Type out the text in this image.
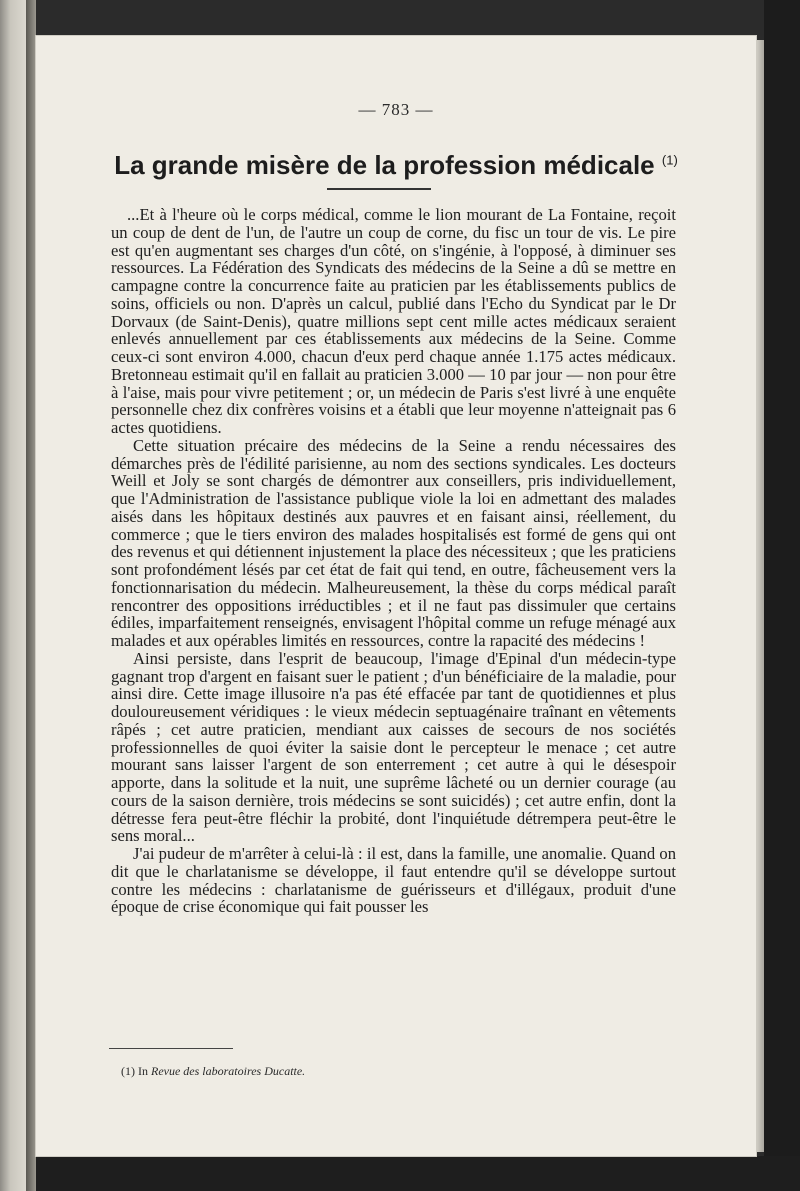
— 783 —
La grande misère de la profession médicale $^{(1)}$

...Et à l'heure où le corps médical, comme le lion mourant de La Fontaine, reçoit un coup de dent de l'un, de l'autre un coup de corne, du fisc un tour de vis. Le pire est qu'en augmentant ses charges d'un côté, on s'ingénie, à l'opposé, à diminuer ses ressources. La Fédération des Syndicats des médecins de la Seine a dû se mettre en campagne contre la concurrence faite au praticien par les établissements publics de soins, officiels ou non. D'après un calcul, publié dans l'Echo du Syndicat par le Dr Dorvaux (de Saint-Denis), quatre millions sept cent mille actes médicaux seraient enlevés annuellement par ces établissements aux médecins de la Seine. Comme ceux-ci sont environ 4.000, chacun d'eux perd chaque année 1.175 actes médicaux. Bretonneau estimait qu'il en fallait au praticien 3.000 — 10 par jour — non pour être à l'aise, mais pour vivre petitement ; or, un médecin de Paris s'est livré à une enquête personnelle chez dix confrères voisins et a établi que leur moyenne n'atteignait pas 6 actes quotidiens.

Cette situation précaire des médecins de la Seine a rendu nécessaires des démarches près de l'édilité parisienne, au nom des sections syndicales. Les docteurs Weill et Joly se sont chargés de démontrer aux conseillers, pris individuellement, que l'Administration de l'assistance publique viole la loi en admettant des malades aisés dans les hôpitaux destinés aux pauvres et en faisant ainsi, réellement, du commerce ; que le tiers environ des malades hospitalisés est formé de gens qui ont des revenus et qui détiennent injustement la place des nécessiteux ; que les praticiens sont profondément lésés par cet état de fait qui tend, en outre, fâcheusement vers la fonctionnarisation du médecin. Malheureusement, la thèse du corps médical paraît rencontrer des oppositions irréductibles ; et il ne faut pas dissimuler que certains édiles, imparfaitement renseignés, envisagent l'hôpital comme un refuge ménagé aux malades et aux opérables limités en ressources, contre la rapacité des médecins !

Ainsi persiste, dans l'esprit de beaucoup, l'image d'Epinal d'un médecin-type gagnant trop d'argent en faisant suer le patient ; d'un bénéficiaire de la maladie, pour ainsi dire. Cette image illusoire n'a pas été effacée par tant de quotidiennes et plus douloureusement véridiques : le vieux médecin septuagénaire traînant en vêtements râpés ; cet autre praticien, mendiant aux caisses de secours de nos sociétés professionnelles de quoi éviter la saisie dont le percepteur le menace ; cet autre mourant sans laisser l'argent de son enterrement ; cet autre à qui le désespoir apporte, dans la solitude et la nuit, une suprême lâcheté ou un dernier courage (au cours de la saison dernière, trois médecins se sont suicidés) ; cet autre enfin, dont la détresse fera peut-être fléchir la probité, dont l'inquiétude détrempera peut-être le sens moral...

J'ai pudeur de m'arrêter à celui-là : il est, dans la famille, une anomalie. Quand on dit que le charlatanisme se développe, il faut entendre qu'il se développe surtout contre les médecins : charlatanisme de guérisseurs et d'illégaux, produit d'une époque de crise économique qui fait pousser les

(1) In Revue des laboratoires Ducatte.
